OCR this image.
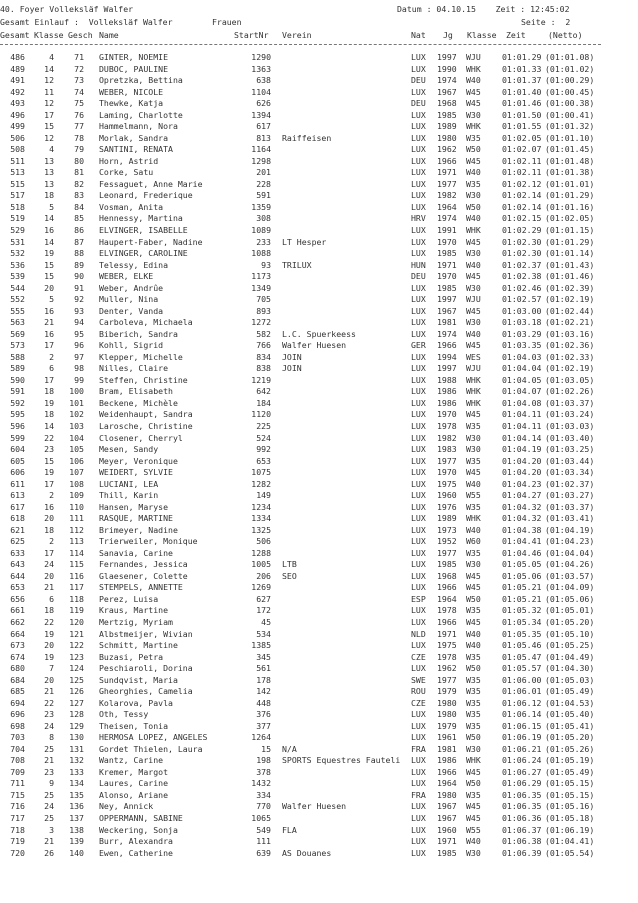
40. Foyer Volleksläf Walfer	Datum : 04.10.15    Zeit : 12:45:02
Gesamt Einlauf :  Volleksläf Walfer        Frauen	Seite :  2
Gesamt Klasse Gesch Name	StartNr Verein	Nat Jg Klasse Zeit	(Netto)
486	4 71 GINTER, NOEMIE	1290	LUX 1997 WJU	01:01.29 (01:01.08)
489 14 72 DUBOC, PAULINE	1363	LUX 1990 WHK	01:01.33 (01:01.02)
491 12 73 Opretzka, Bettina	638	DEU 1974 W40	01:01.37 (01:00.29)
492 11 74 WEBER, NICOLE	1104	LUX 1967 W45	01:01.40 (01:00.45)
493 12 75 Thewke, Katja	626	DEU 1968 W45	01:01.46 (01:00.38)
496 17 76 Laming, Charlotte	1394	LUX 1985 W30	01:01.50 (01:00.41)
499 15 77 Hammelmann, Nora	617	LUX 1989 WHK	01:01.55 (01:01.32)
506 12 78 Morlak, Sandra	813 Raiffeisen	LUX 1980 W35	01:02.05 (01:01.10)
508	4 79 SANTINI, RENATA	1164	LUX 1962 W50	01:02.07 (01:01.45)
511 13 80 Horn, Astrid	1298	LUX 1966 W45	01:02.11 (01:01.48)
513 13 81 Corke, Satu	201	LUX 1971 W40	01:02.11 (01:01.38)
515 13 82 Fessaguet, Anne Marie	228	LUX 1977 W35	01:02.12 (01:01.01)
517 18 83 Leonard, Frederique	591	LUX 1982 W30	01:02.14 (01:01.29)
518	5 84 Vosman, Anita	1359	LUX 1964 W50	01:02.14 (01:01.16)
519 14 85 Hennessy, Martina	308	HRV 1974 W40	01:02.15 (01:02.05)
529 16 86 ELVINGER, ISABELLE	1089	LUX 1991 WHK	01:02.29 (01:01.15)
531 14 87 Haupert-Faber, Nadine	233 LT Hesper	LUX 1970 W45	01:02.30 (01:01.29)
532 19 88 ELVINGER, CAROLINE	1088	LUX 1985 W30	01:02.30 (01:01.14)
536 15 89 Telessy, Edina	93 TRILUX	HUN 1971 W40	01:02.37 (01:01.43)
539 15 90 WEBER, ELKE	1173	DEU 1970 W45	01:02.38 (01:01.46)
544 20 91 Weber, Andrûe	1349	LUX 1985 W30	01:02.46 (01:02.39)
552	5 92 Muller, Nina	705	LUX 1997 WJU	01:02.57 (01:02.19)
555 16 93 Denter, Vanda	893	LUX 1967 W45	01:03.00 (01:02.44)
563 21 94 Carboleva, Michaela	1272	LUX 1981 W30	01:03.18 (01:02.21)
569 16 95 Biberich, Sandra	582 L.C. Spuerkeess	LUX 1974 W40	01:03.29 (01:03.16)
573 17 96 Kohll, Sigrid	766 Walfer Huesen	GER 1966 W45	01:03.35 (01:02.36)
588	2 97 Klepper, Michelle	834 JOIN	LUX 1994 WES	01:04.03 (01:02.33)
589	6 98 Nilles, Claire	838 JOIN	LUX 1997 WJU	01:04.04 (01:02.19)
590 17 99 Steffen, Christine	1219	LUX 1988 WHK	01:04.05 (01:03.05)
591 18 100 Bram, Elisabeth	642	LUX 1986 WHK	01:04.07 (01:02.26)
592 19 101 Beckene, Michèle	184	LUX 1986 WHK	01:04.08 (01:03.37)
595 18 102 Weidenhaupt, Sandra	1120	LUX 1970 W45	01:04.11 (01:03.24)
596 14 103 Larosche, Christine	225	LUX 1978 W35	01:04.11 (01:03.03)
599 22 104 Closener, Cherryl	524	LUX 1982 W30	01:04.14 (01:03.40)
604 23 105 Mesen, Sandy	992	LUX 1983 W30	01:04.19 (01:03.25)
605 15 106 Meyer, Veronique	653	LUX 1977 W35	01:04.20 (01:03.44)
606 19 107 WEIDERT, SYLVIE	1075	LUX 1970 W45	01:04.20 (01:03.34)
611 17 108 LUCIANI, LEA	1282	LUX 1975 W40	01:04.23 (01:02.37)
613	2 109 Thill, Karin	149	LUX 1960 W55	01:04.27 (01:03.27)
617 16 110 Hansen, Maryse	1234	LUX 1976 W35	01:04.32 (01:03.37)
618 20 111 RASQUE, MARTINE	1334	LUX 1989 WHK	01:04.32 (01:03.41)
621 18 112 Brimeyer, Nadine	1325	LUX 1973 W40	01:04.38 (01:04.19)
625	2 113 Trierweiler, Monique	506	LUX 1952 W60	01:04.41 (01:04.23)
633 17 114 Sanavia, Carine	1288	LUX 1977 W35	01:04.46 (01:04.04)
643 24 115 Fernandes, Jessica	1005 LTB	LUX 1985 W30	01:05.05 (01:04.26)
644 20 116 Glaesener, Colette	206 SEO	LUX 1968 W45	01:05.06 (01:03.57)
653 21 117 STEMPELS, ANNETTE	1269	LUX 1966 W45	01:05.21 (01:04.09)
656	6 118 Perez, Luisa	627	ESP 1964 W50	01:05.21 (01:05.06)
661 18 119 Kraus, Martine	172	LUX 1978 W35	01:05.32 (01:05.01)
662 22 120 Mertzig, Myriam	45	LUX 1966 W45	01:05.34 (01:05.20)
664 19 121 Albstmeijer, Wivian	534	NLD 1971 W40	01:05.35 (01:05.10)
673 20 122 Schmitt, Martine	1385	LUX 1975 W40	01:05.46 (01:05.25)
674 19 123 Buzasi, Petra	345	CZE 1978 W35	01:05.47 (01:04.49)
680	7 124 Peschiaroli, Dorina	561	LUX 1962 W50	01:05.57 (01:04.30)
684 20 125 Sundqvist, Maria	178	SWE 1977 W35	01:06.00 (01:05.03)
685 21 126 Gheorghies, Camelia	142	ROU 1979 W35	01:06.01 (01:05.49)
694 22 127 Kolarova, Pavla	448	CZE 1980 W35	01:06.12 (01:04.53)
696 23 128 Oth, Tessy	376	LUX 1980 W35	01:06.14 (01:05.40)
698 24 129 Theisen, Tonia	377	LUX 1979 W35	01:06.15 (01:05.41)
703	8 130 HERMOSA LOPEZ, ANGELES	1264	LUX 1961 W50	01:06.19 (01:05.20)
704 25 131 Gordet Thielen, Laura	15 N/A	FRA 1981 W30	01:06.21 (01:05.26)
708 21 132 Wantz, Carine	198 SPORTS Equestres Fauteli LUX 1986 WHK	01:06.24 (01:05.19)
709 23 133 Kremer, Margot	378	LUX 1966 W45	01:06.27 (01:05.49)
711	9 134 Laures, Carine	1432	LUX 1964 W50	01:06.29 (01:05.15)
715 25 135 Alonso, Ariane	334	FRA 1980 W35	01:06.35 (01:05.15)
716 24 136 Ney, Annick	770 Walfer Huesen	LUX 1967 W45	01:06.35 (01:05.16)
717 25 137 OPPERMANN, SABINE	1065	LUX 1967 W45	01:06.36 (01:05.18)
718	3 138 Weckering, Sonja	549 FLA	LUX 1960 W55	01:06.37 (01:06.19)
719 21 139 Burr, Alexandra	111	LUX 1971 W40	01:06.38 (01:04.41)
720 26 140 Ewen, Catherine	639 AS Douanes	LUX 1985 W30	01:06.39 (01:05.54)
